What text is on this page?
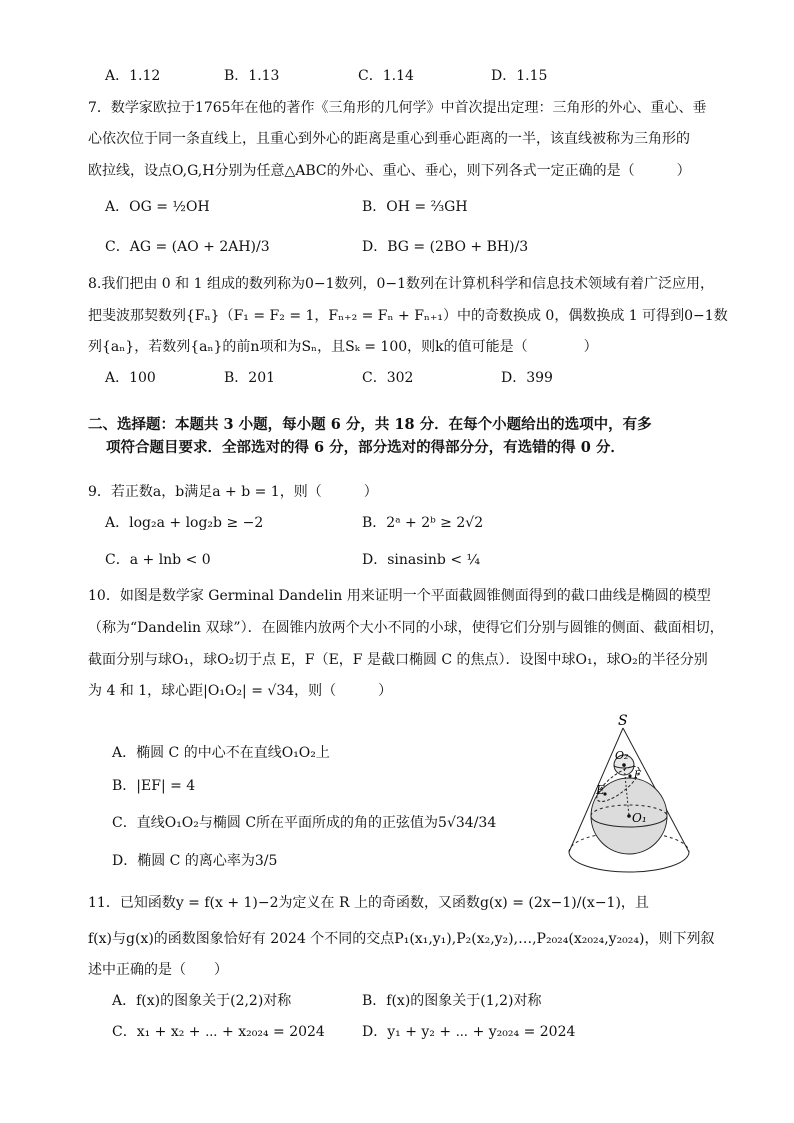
A．1.12	B．1.13	C．1.14	D．1.15
7．数学家欧拉于1765年在他的著作《三角形的几何学》中首次提出定理：三角形的外心、重心、垂
心依次位于同一条直线上，且重心到外心的距离是重心到垂心距离的一半，该直线被称为三角形的
欧拉线，设点O,G,H分别为任意△ABC的外心、重心、垂心，则下列各式一定正确的是（　　　）
A．OG = ½OH	B．OH = ⅔GH
C．AG = (AO + 2AH)/3	D．BG = (2BO + BH)/3
8.我们把由 0 和 1 组成的数列称为0−1数列，0−1数列在计算机科学和信息技术领域有着广泛应用，
把斐波那契数列{Fₙ}（F₁ = F₂ = 1，Fₙ₊₂ = Fₙ + Fₙ₊₁）中的奇数换成 0，偶数换成 1 可得到0−1数
列{aₙ}，若数列{aₙ}的前n项和为Sₙ，且Sₖ = 100，则k的值可能是（　　　　）
A．100	B．201	C．302	D．399
二、选择题：本题共 3 小题，每小题 6 分，共 18 分．在每个小题给出的选项中，有多
项符合题目要求．全部选对的得 6 分，部分选对的得部分分，有选错的得 0 分．
9．若正数a，b满足a + b = 1，则（　　　）
A．log₂a + log₂b ≥ −2	B．2ᵃ + 2ᵇ ≥ 2√2
C．a + lnb < 0	D．sinasinb < ¼
10．如图是数学家 Germinal Dandelin 用来证明一个平面截圆锥侧面得到的截口曲线是椭圆的模型
（称为“Dandelin 双球”）．在圆锥内放两个大小不同的小球，使得它们分别与圆锥的侧面、截面相切，
截面分别与球O₁，球O₂切于点 E，F（E，F 是截口椭圆 C 的焦点）．设图中球O₁，球O₂的半径分别
为 4 和 1，球心距|O₁O₂| = √34，则（　　　）
A．椭圆 C 的中心不在直线O₁O₂上
B．|EF| = 4
C．直线O₁O₂与椭圆 C所在平面所成的角的正弦值为5√34/34
D．椭圆 C 的离心率为3/5
S
O₂
O₁
E
F
11．已知函数y = f(x + 1)−2为定义在 R 上的奇函数，又函数g(x) = (2x−1)/(x−1)，且
f(x)与g(x)的函数图象恰好有 2024 个不同的交点P₁(x₁,y₁),P₂(x₂,y₂),…,P₂₀₂₄(x₂₀₂₄,y₂₀₂₄)，则下列叙
述中正确的是（　　）
A．f(x)的图象关于(2,2)对称	B．f(x)的图象关于(1,2)对称
C．x₁ + x₂ + ⋯ + x₂₀₂₄ = 2024	D．y₁ + y₂ + ⋯ + y₂₀₂₄ = 2024
